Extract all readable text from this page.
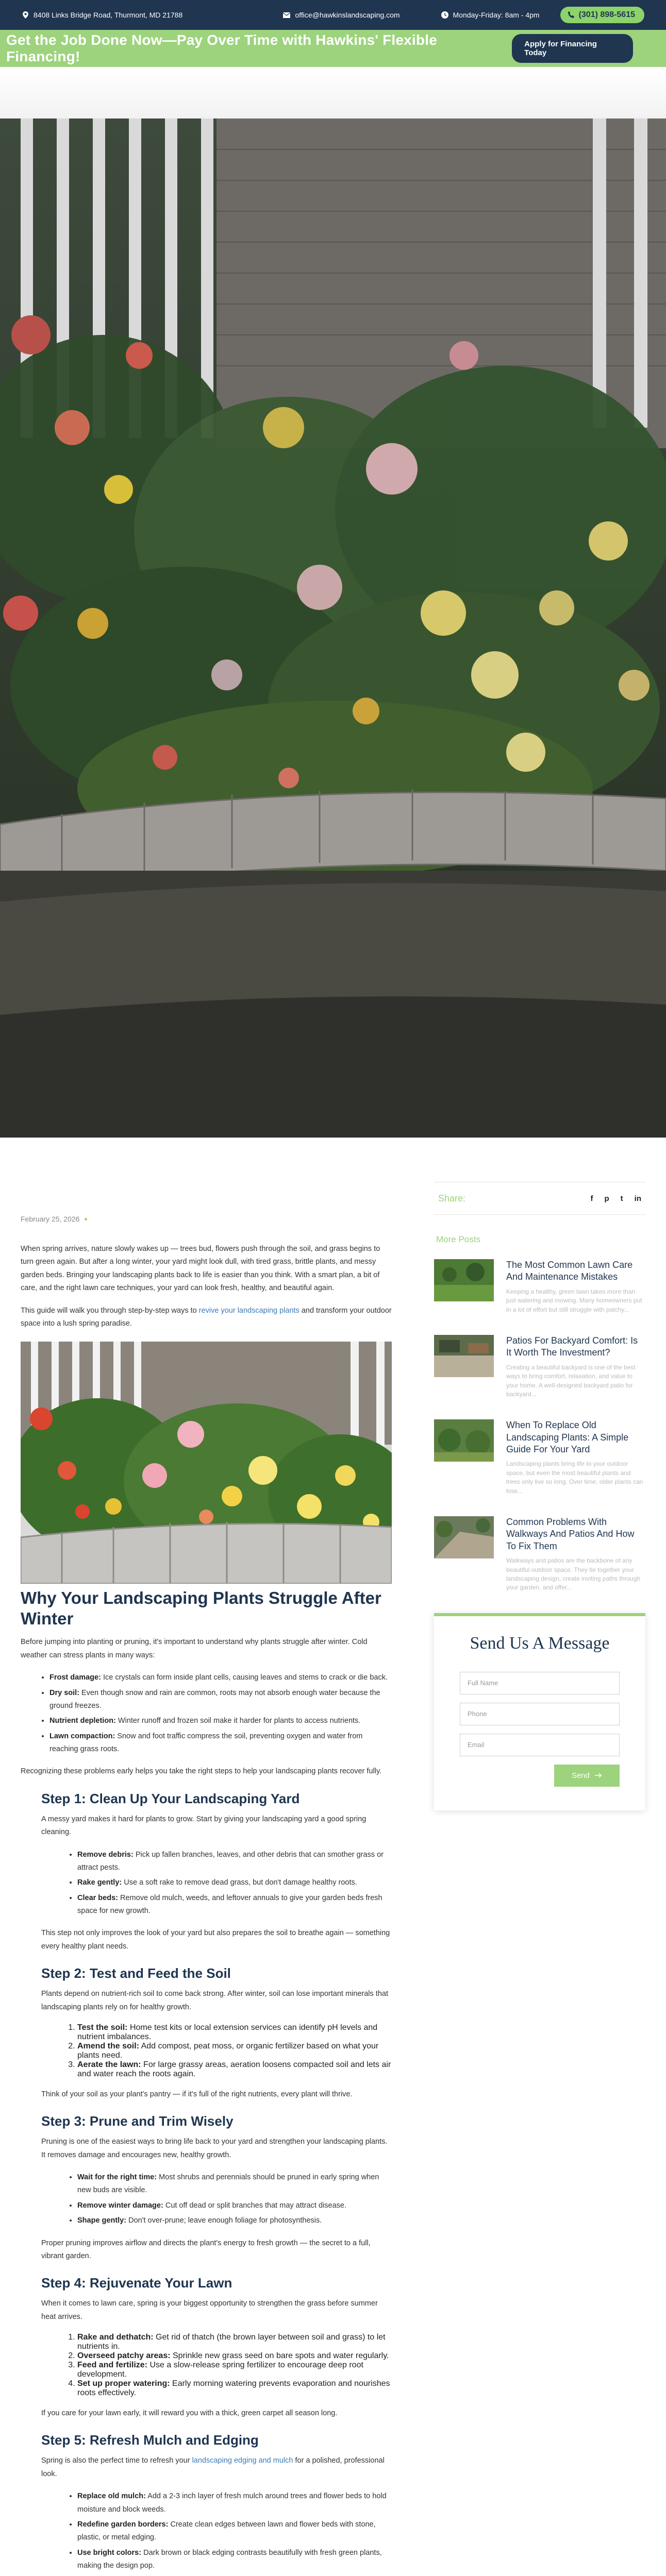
8408 Links Bridge Road, Thurmont, MD 21788	office@hawkinslandscaping.com	Monday-Friday: 8am - 4pm	(301) 898-5615
Get the Job Done Now—Pay Over Time with Hawkins' Flexible Financing!
Apply for Financing Today
February 25, 2026

When spring arrives, nature slowly wakes up — trees bud, flowers push through the soil, and grass begins to turn green again. But after a long winter, your yard might look dull, with tired grass, brittle plants, and messy garden beds. Bringing your landscaping plants back to life is easier than you think. With a smart plan, a bit of care, and the right lawn care techniques, your yard can look fresh, healthy, and beautiful again.

This guide will walk you through step-by-step ways to revive your landscaping plants and transform your outdoor space into a lush spring paradise.

Why Your Landscaping Plants Struggle After Winter

Before jumping into planting or pruning, it's important to understand why plants struggle after winter. Cold weather can stress plants in many ways:

• Frost damage: Ice crystals can form inside plant cells, causing leaves and stems to crack or die back.
• Dry soil: Even though snow and rain are common, roots may not absorb enough water because the ground freezes.
• Nutrient depletion: Winter runoff and frozen soil make it harder for plants to access nutrients.
• Lawn compaction: Snow and foot traffic compress the soil, preventing oxygen and water from reaching grass roots.

Recognizing these problems early helps you take the right steps to help your landscaping plants recover fully.

Step 1: Clean Up Your Landscaping Yard

A messy yard makes it hard for plants to grow. Start by giving your landscaping yard a good spring cleaning.

• Remove debris: Pick up fallen branches, leaves, and other debris that can smother grass or attract pests.
• Rake gently: Use a soft rake to remove dead grass, but don't damage healthy roots.
• Clear beds: Remove old mulch, weeds, and leftover annuals to give your garden beds fresh space for new growth.

This step not only improves the look of your yard but also prepares the soil to breathe again — something every healthy plant needs.

Step 2: Test and Feed the Soil

Plants depend on nutrient-rich soil to come back strong. After winter, soil can lose important minerals that landscaping plants rely on for healthy growth.

1. Test the soil: Home test kits or local extension services can identify pH levels and nutrient imbalances.
2. Amend the soil: Add compost, peat moss, or organic fertilizer based on what your plants need.
3. Aerate the lawn: For large grassy areas, aeration loosens compacted soil and lets air and water reach the roots again.

Think of your soil as your plant's pantry — if it's full of the right nutrients, every plant will thrive.

Step 3: Prune and Trim Wisely

Pruning is one of the easiest ways to bring life back to your yard and strengthen your landscaping plants. It removes damage and encourages new, healthy growth.

• Wait for the right time: Most shrubs and perennials should be pruned in early spring when new buds are visible.
• Remove winter damage: Cut off dead or split branches that may attract disease.
• Shape gently: Don't over-prune; leave enough foliage for photosynthesis.

Proper pruning improves airflow and directs the plant's energy to fresh growth — the secret to a full, vibrant garden.

Step 4: Rejuvenate Your Lawn

When it comes to lawn care, spring is your biggest opportunity to strengthen the grass before summer heat arrives.

1. Rake and dethatch: Get rid of thatch (the brown layer between soil and grass) to let nutrients in.
2. Overseed patchy areas: Sprinkle new grass seed on bare spots and water regularly.
3. Feed and fertilize: Use a slow-release spring fertilizer to encourage deep root development.
4. Set up proper watering: Early morning watering prevents evaporation and nourishes roots effectively.

If you care for your lawn early, it will reward you with a thick, green carpet all season long.

Step 5: Refresh Mulch and Edging

Spring is also the perfect time to refresh your landscaping edging and mulch for a polished, professional look.

• Replace old mulch: Add a 2-3 inch layer of fresh mulch around trees and flower beds to hold moisture and block weeds.
• Redefine garden borders: Create clean edges between lawn and flower beds with stone, plastic, or metal edging.
• Use bright colors: Dark brown or black edging contrasts beautifully with fresh green plants, making the design pop.

Share:	f p t in
More Posts
The Most Common Lawn Care And Maintenance Mistakes
Keeping a healthy, green lawn takes more than just watering and mowing. Many homeowners put in a lot of effort but still struggle with patchy...
Patios For Backyard Comfort: Is It Worth The Investment?
Creating a beautiful backyard is one of the best ways to bring comfort, relaxation, and value to your home. A well-designed backyard patio for backyard...
When To Replace Old Landscaping Plants: A Simple Guide For Your Yard
Landscaping plants bring life to your outdoor space, but even the most beautiful plants and trees only live so long. Over time, older plants can lose...
Common Problems With Walkways And Patios And How To Fix Them
Walkways and patios are the backbone of any beautiful outdoor space. They tie together your landscaping design, create inviting paths through your garden, and offer...
Send Us A Message
Full Name
Phone
Email
Send
